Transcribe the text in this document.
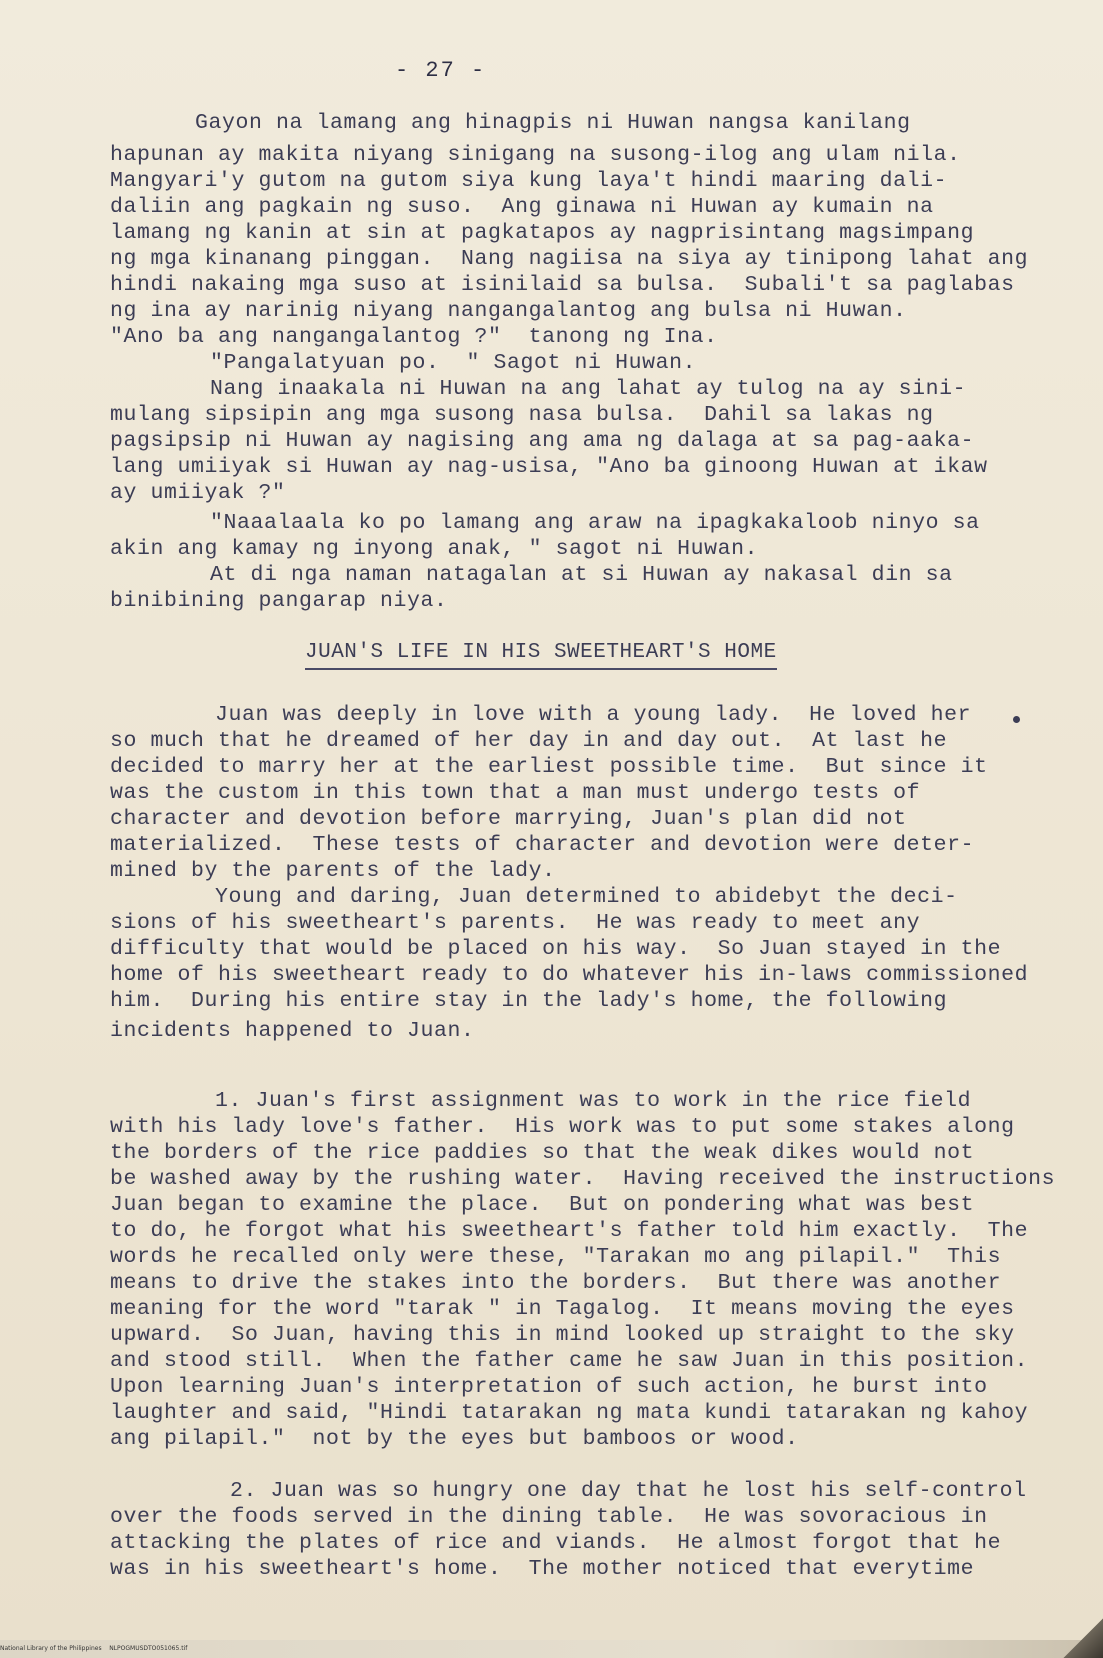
- 27 -
Gayon na lamang ang hinagpis ni Huwan nangsa kanilang
hapunan ay makita niyang sinigang na susong-ilog ang ulam nila.
Mangyari'y gutom na gutom siya kung laya't hindi maaring dali-
daliin ang pagkain ng suso.  Ang ginawa ni Huwan ay kumain na
lamang ng kanin at sin at pagkatapos ay nagprisintang magsimpang
ng mga kinanang pinggan.  Nang nagiisa na siya ay tinipong lahat ang
hindi nakaing mga suso at isinilaid sa bulsa.  Subali't sa paglabas
ng ina ay narinig niyang nangangalantog ang bulsa ni Huwan.
"Ano ba ang nangangalantog ?"  tanong ng Ina.
"Pangalatyuan po.  " Sagot ni Huwan.
Nang inaakala ni Huwan na ang lahat ay tulog na ay sini-
mulang sipsipin ang mga susong nasa bulsa.  Dahil sa lakas ng
pagsipsip ni Huwan ay nagising ang ama ng dalaga at sa pag-aaka-
lang umiiyak si Huwan ay nag-usisa, "Ano ba ginoong Huwan at ikaw
ay umiiyak ?"
"Naaalaala ko po lamang ang araw na ipagkakaloob ninyo sa
akin ang kamay ng inyong anak, " sagot ni Huwan.
At di nga naman natagalan at si Huwan ay nakasal din sa
binibining pangarap niya.
JUAN'S LIFE IN HIS SWEETHEART'S HOME
Juan was deeply in love with a young lady.  He loved her
so much that he dreamed of her day in and day out.  At last he
decided to marry her at the earliest possible time.  But since it
was the custom in this town that a man must undergo tests of
character and devotion before marrying, Juan's plan did not
materialized.  These tests of character and devotion were deter-
mined by the parents of the lady.
Young and daring, Juan determined to abidebyt the deci-
sions of his sweetheart's parents.  He was ready to meet any
difficulty that would be placed on his way.  So Juan stayed in the
home of his sweetheart ready to do whatever his in-laws commissioned
him.  During his entire stay in the lady's home, the following
incidents happened to Juan.
1. Juan's first assignment was to work in the rice field
with his lady love's father.  His work was to put some stakes along
the borders of the rice paddies so that the weak dikes would not
be washed away by the rushing water.  Having received the instructions
Juan began to examine the place.  But on pondering what was best
to do, he forgot what his sweetheart's father told him exactly.  The
words he recalled only were these, "Tarakan mo ang pilapil."  This
means to drive the stakes into the borders.  But there was another
meaning for the word "tarak " in Tagalog.  It means moving the eyes
upward.  So Juan, having this in mind looked up straight to the sky
and stood still.  When the father came he saw Juan in this position.
Upon learning Juan's interpretation of such action, he burst into
laughter and said, "Hindi tatarakan ng mata kundi tatarakan ng kahoy
ang pilapil."  not by the eyes but bamboos or wood.
2. Juan was so hungry one day that he lost his self-control
over the foods served in the dining table.  He was sovoracious in
attacking the plates of rice and viands.  He almost forgot that he
was in his sweetheart's home.  The mother noticed that everytime
National Library of the Philippines    NLPOGMUSDTO051065.tif
